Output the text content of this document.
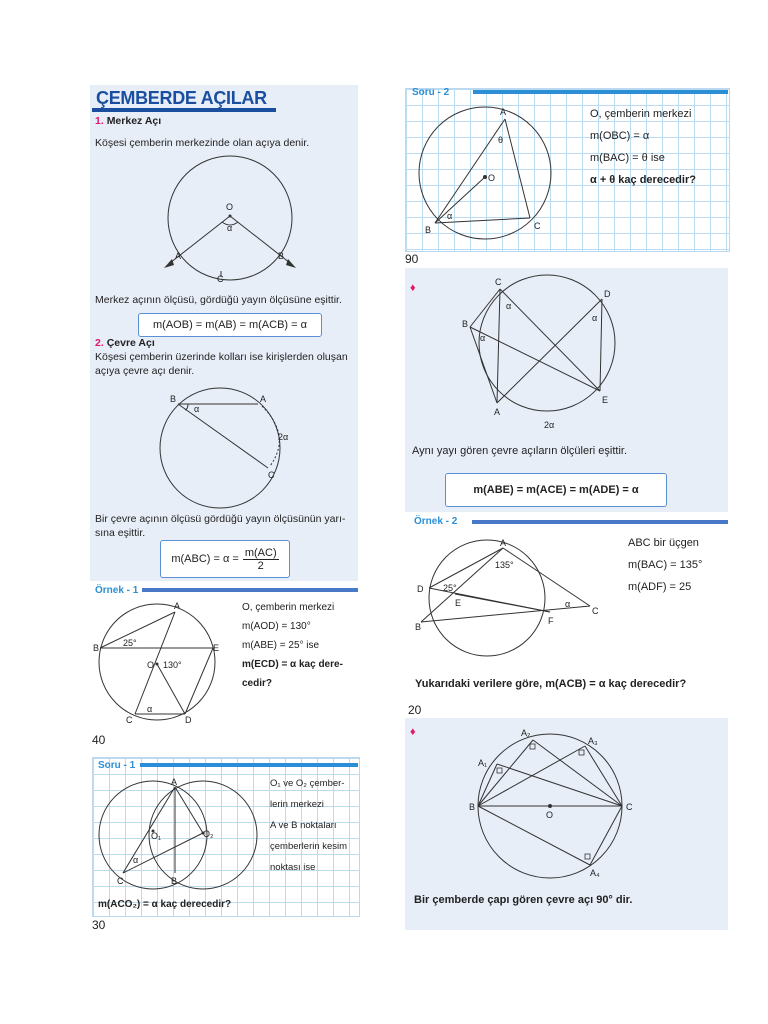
ÇEMBERDE AÇILAR
1. Merkez Açı
Köşesi çemberin merkezinde olan açıya denir.
O
α
A	B
C
Merkez açının ölçüsü, gördüğü yayın ölçüsüne eşittir.
m(AOB) = m(AB) = m(ACB) = α
2. Çevre Açı
Köşesi çemberin üzerinde kolları ise kirişlerden oluşan
açıya çevre açı denir.
B	A
C
α
2α
Bir çevre açının ölçüsü gördüğü yayın ölçüsünün yarı-
sına eşittir.
$m(ABC) = \alpha = \frac{m(AC)}{2}$
Örnek - 1
A
B	E
O
C	D
25°
130°
α
O, çemberin merkezi
m(AOD) = 130°
m(ABE) = 25° ise
m(ECD) = α kaç dere-
cedir?
40
Soru - 1
A
O₁	O₂
C	B
α
O₁ ve O₂ çember-
lerin merkezi
A ve B noktaları
çemberlerin kesim
noktası ise
m(ACO₂) = α kaç derecedir?
30
Soru - 2
A
θ
O
α
B	C
O, çemberin merkezi
m(OBC) = α
m(BAC) = θ ise
α + θ kaç derecedir?
90
♦	C
D
B
A
E
α
α
α
2α
Aynı yayı gören çevre açıların ölçüleri eşittir.
m(ABE) = m(ACE) = m(ADE) = α
Örnek - 2
A
D
E
B
F
C
135°
25°
α
ABC bir üçgen
m(BAC) = 135°
m(ADF) = 25
Yukarıdaki verilere göre, m(ACB) = α kaç derecedir?
20
♦
A₁
A₂
A₃
A₄
B	C
O
Bir çemberde çapı gören çevre açı 90° dir.
